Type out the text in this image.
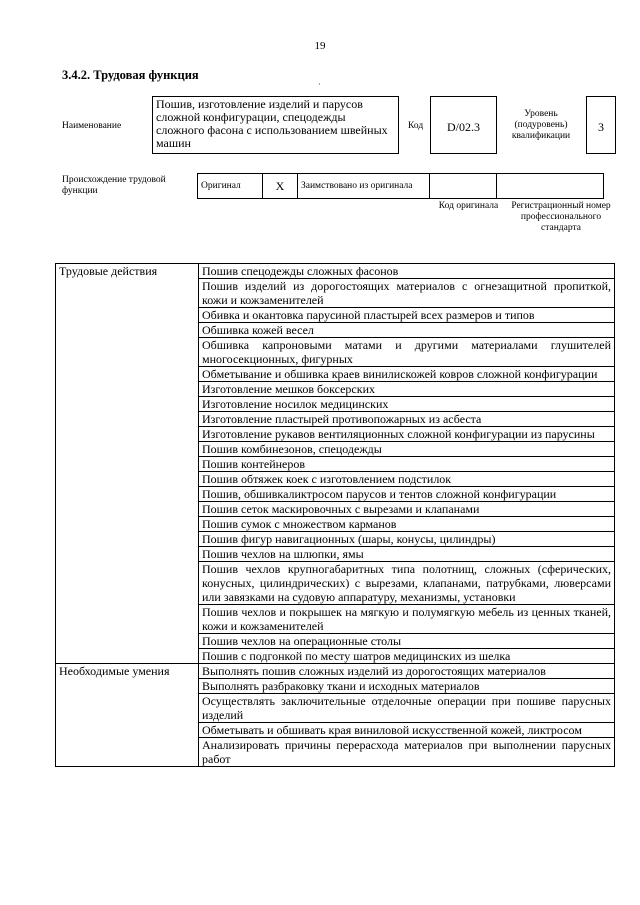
19
3.4.2. Трудовая функция
·
Наименование
Пошив, изготовление изделий и парусов сложной конфигурации, спецодежды сложного фасона с использованием швейных машин
Код	D/02.3
Уровень (подуровень) квалификации
3
Происхождение трудовой функции
Оригинал	X	Заимствовано из оригинала		
Код оригинала	Регистрационный номер профессионального стандарта
Трудовые действия	Пошив спецодежды сложных фасонов
	Пошив изделий из дорогостоящих материалов с огнезащитной пропиткой, кожи и кожзаменителей
	Обивка и окантовка парусиной пластырей всех размеров и типов
	Обшивка кожей весел
	Обшивка капроновыми матами и другими материалами глушителей многосекционных, фигурных
	Обметывание и обшивка краев винилискожей ковров сложной конфигурации
	Изготовление мешков боксерских
	Изготовление носилок медицинских
	Изготовление пластырей противопожарных из асбеста
	Изготовление рукавов вентиляционных сложной конфигурации из парусины
	Пошив комбинезонов, спецодежды
	Пошив контейнеров
	Пошив обтяжек коек с изготовлением подстилок
	Пошив, обшивкаликтросом парусов и тентов сложной конфигурации
	Пошив сеток маскировочных с вырезами и клапанами
	Пошив сумок с множеством карманов
	Пошив фигур навигационных (шары, конусы, цилиндры)
	Пошив чехлов на шлюпки, ямы
	Пошив чехлов крупногабаритных типа полотнищ, сложных (сферических, конусных, цилиндрических) с вырезами, клапанами, патрубками, люверсами или завязками на судовую аппаратуру, механизмы, установки
	Пошив чехлов и покрышек на мягкую и полумягкую мебель из ценных тканей, кожи и кожзаменителей
	Пошив чехлов на операционные столы
	Пошив с подгонкой по месту шатров медицинских из шелка
Необходимые умения	Выполнять пошив сложных изделий из дорогостоящих материалов
	Выполнять разбраковку ткани и исходных материалов
	Осуществлять заключительные отделочные операции при пошиве парусных изделий
	Обметывать и обшивать края виниловой искусственной кожей, ликтросом
	Анализировать причины перерасхода материалов при выполнении парусных работ
